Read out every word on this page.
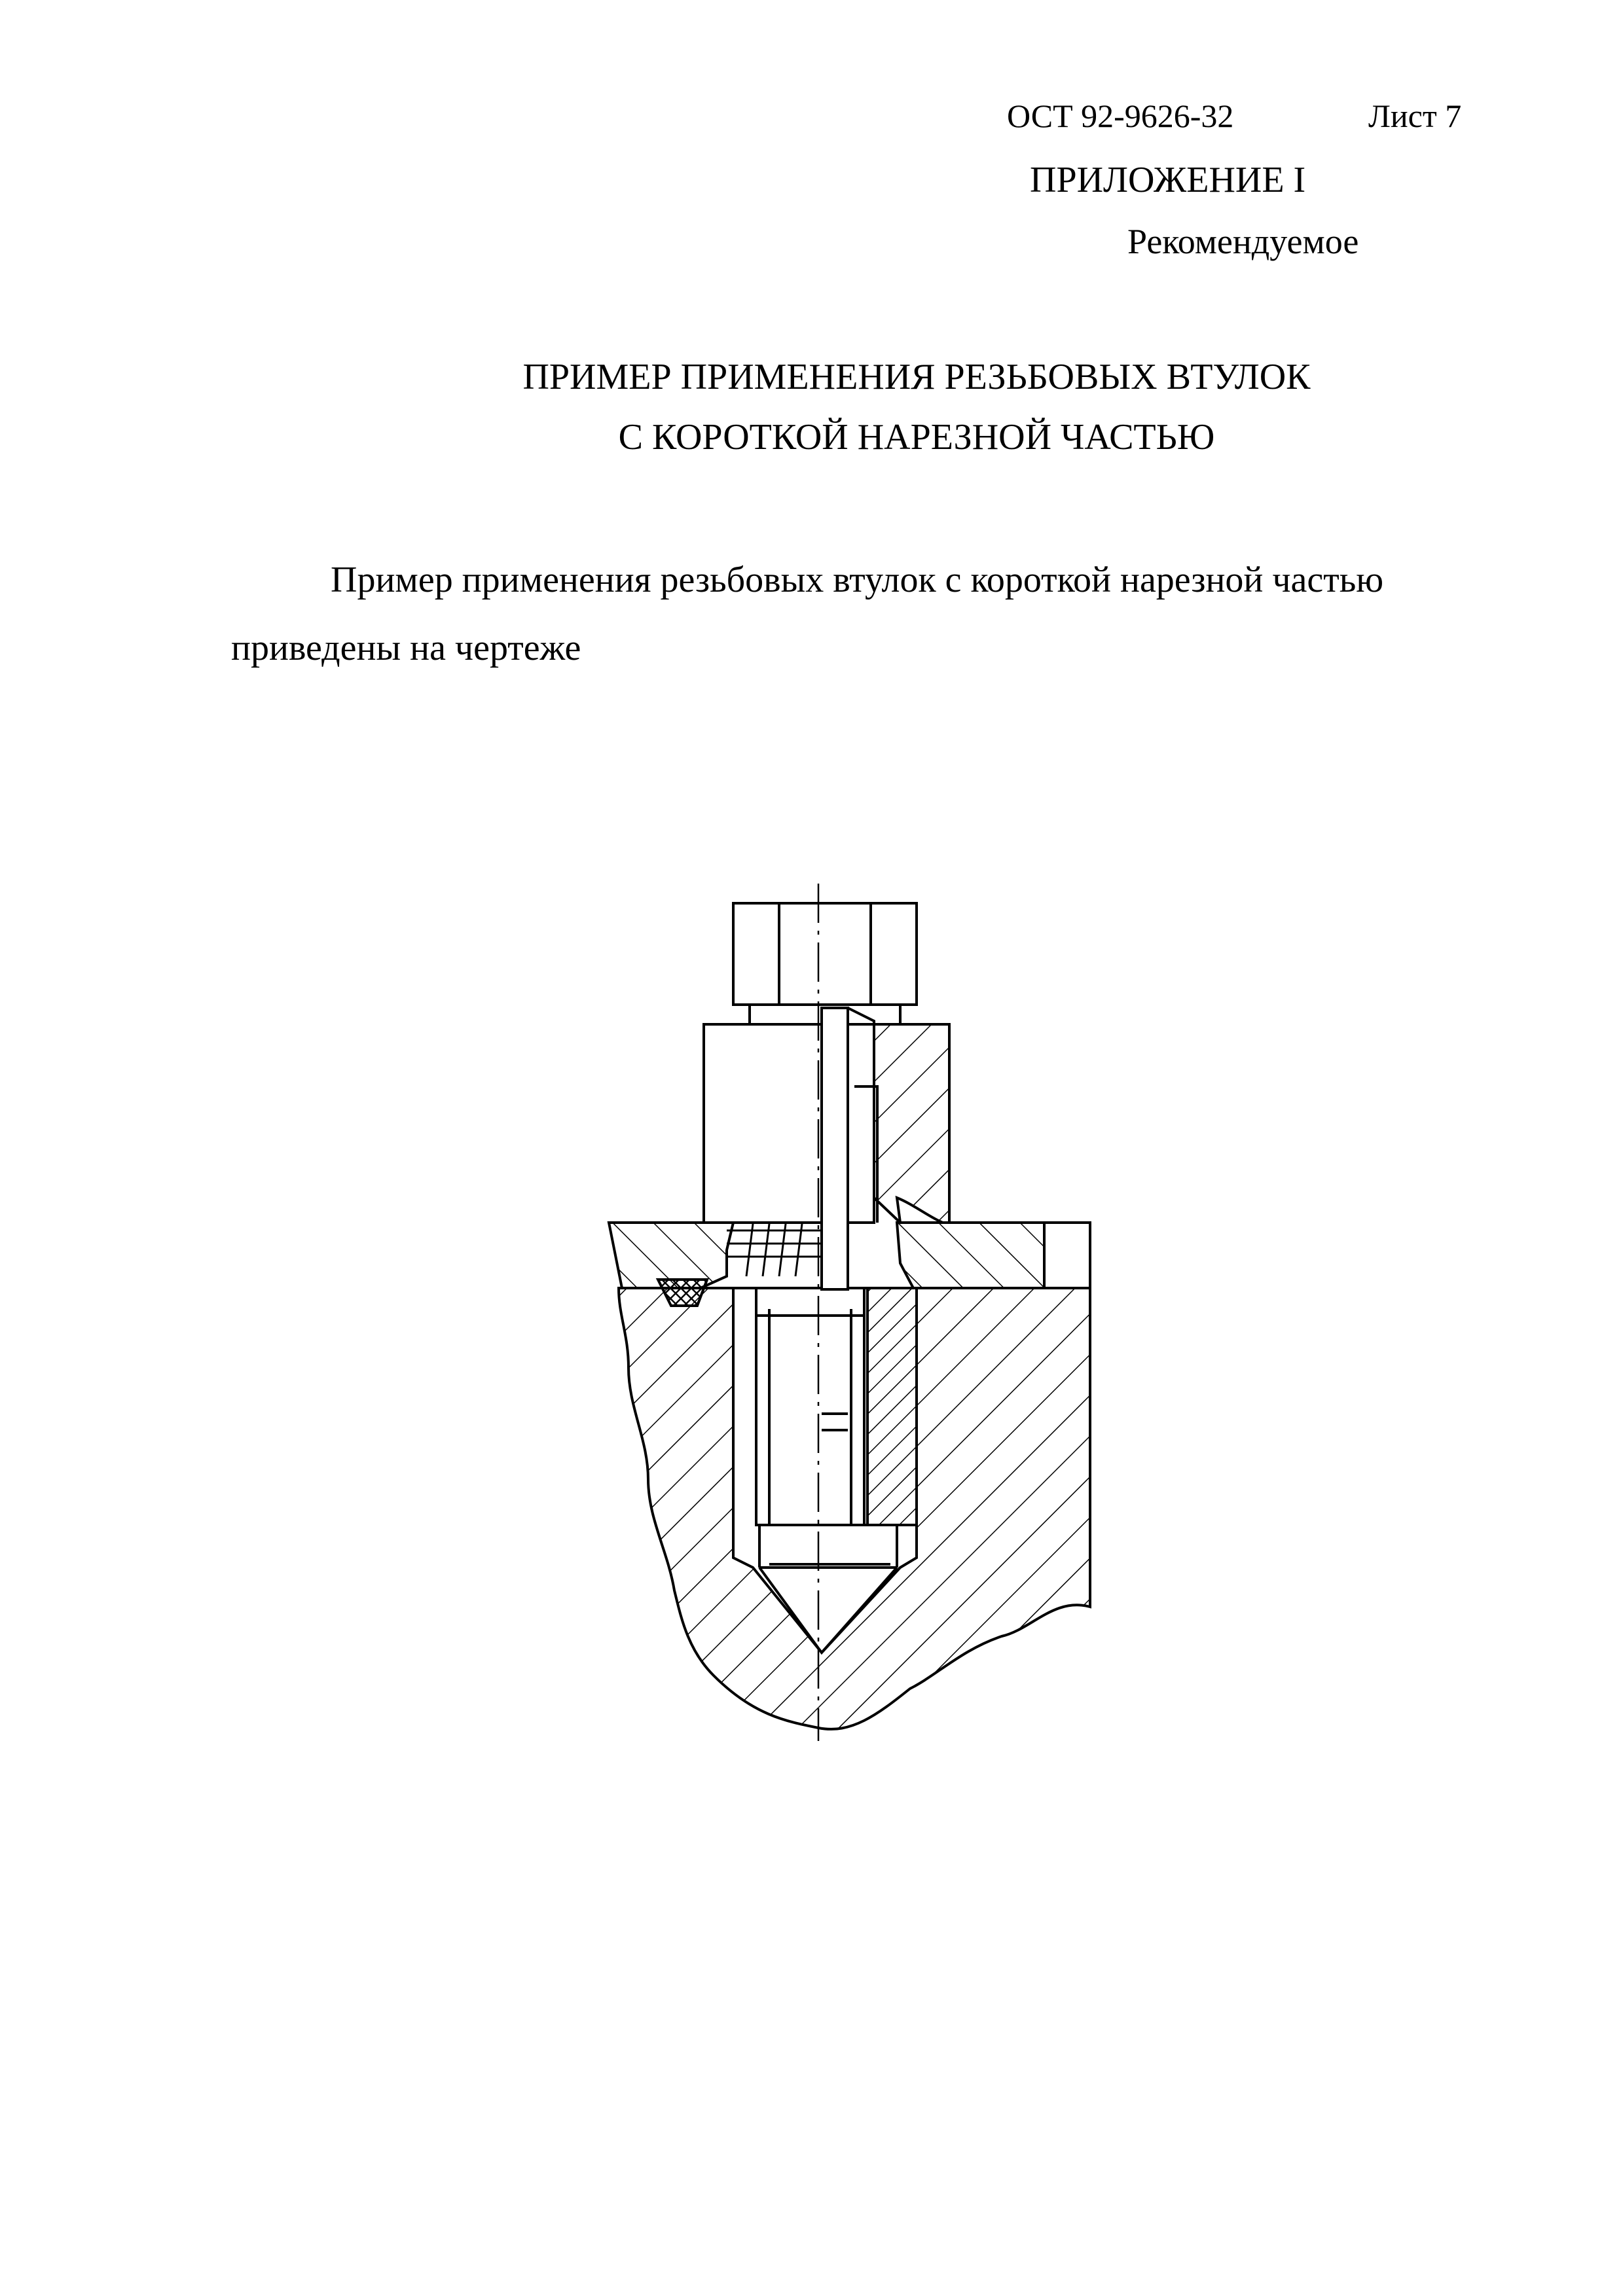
ОСТ 92-9626-32	Лист 7
ПРИЛОЖЕНИЕ I
Рекомендуемое
ПРИМЕР ПРИМЕНЕНИЯ РЕЗЬБОВЫХ ВТУЛОК
С КОРОТКОЙ НАРЕЗНОЙ ЧАСТЬЮ
Пример применения резьбовых втулок с короткой нарезной частью
приведены на чертеже
